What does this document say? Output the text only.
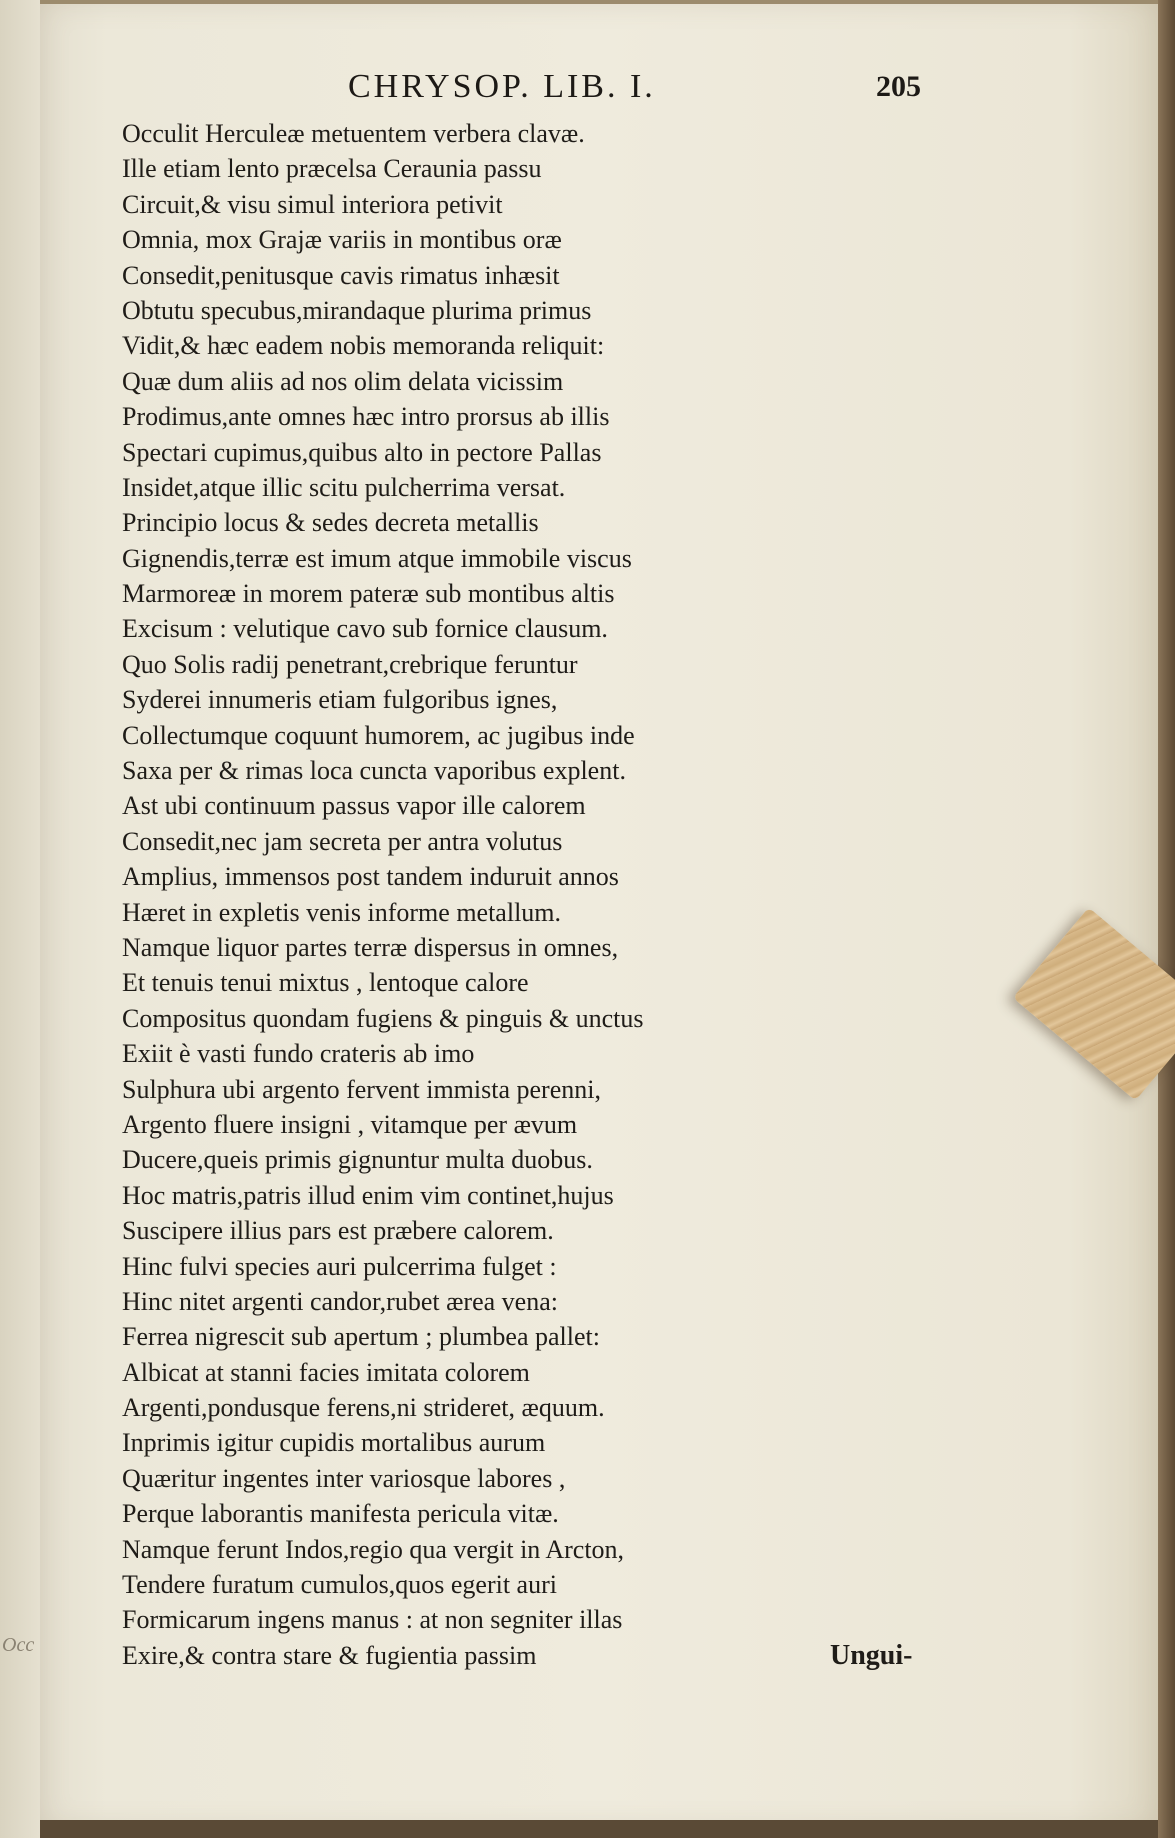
CHRYSOP. LIB. I.	205
Occulit Herculeæ metuentem verbera clavæ.
Ille etiam lento præcelsa Ceraunia passu
Circuit,& visu simul interiora petivit
Omnia, mox Grajæ variis in montibus oræ
Consedit,penitusque cavis rimatus inhæsit
Obtutu specubus,mirandaque plurima primus
Vidit,& hæc eadem nobis memoranda reliquit:
Quæ dum aliis ad nos olim delata vicissim
Prodimus,ante omnes hæc intro prorsus ab illis
Spectari cupimus,quibus alto in pectore Pallas
Insidet,atque illic scitu pulcherrima versat.
Principio locus & sedes decreta metallis
Gignendis,terræ est imum atque immobile viscus
Marmoreæ in morem pateræ sub montibus altis
Excisum : velutique cavo sub fornice clausum.
Quo Solis radij penetrant,crebrique feruntur
Syderei innumeris etiam fulgoribus ignes,
Collectumque coquunt humorem, ac jugibus inde
Saxa per & rimas loca cuncta vaporibus explent.
Ast ubi continuum passus vapor ille calorem
Consedit,nec jam secreta per antra volutus
Amplius, immensos post tandem induruit annos
Hæret in expletis venis informe metallum.
Namque liquor partes terræ dispersus in omnes,
Et tenuis tenui mixtus , lentoque calore
Compositus quondam fugiens & pinguis & unctus
Exiit è vasti fundo crateris ab imo
Sulphura ubi argento fervent immista perenni,
Argento fluere insigni , vitamque per ævum
Ducere,queis primis gignuntur multa duobus.
Hoc matris,patris illud enim vim continet,hujus
Suscipere illius pars est præbere calorem.
Hinc fulvi species auri pulcerrima fulget :
Hinc nitet argenti candor,rubet ærea vena:
Ferrea nigrescit sub apertum ; plumbea pallet:
Albicat at stanni facies imitata colorem
Argenti,pondusque ferens,ni strideret, æquum.
Inprimis igitur cupidis mortalibus aurum
Quæritur ingentes inter variosque labores ,
Perque laborantis manifesta pericula vitæ.
Namque ferunt Indos,regio qua vergit in Arcton,
Tendere furatum cumulos,quos egerit auri
Formicarum ingens manus : at non segniter illas
Exire,& contra stare & fugientia passim	Ungui-
Occ
